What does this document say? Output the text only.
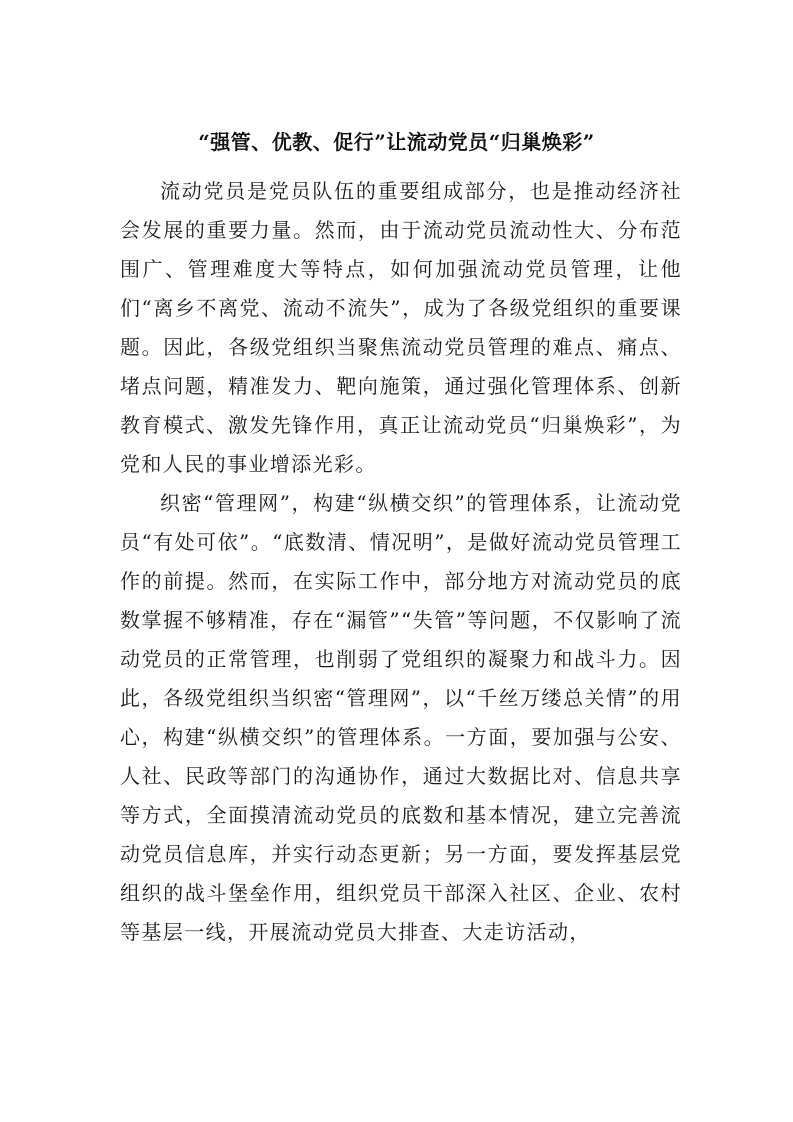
“强管、优教、促行”让流动党员“归巢焕彩”

流动党员是党员队伍的重要组成部分，也是推动经济社会发展的重要力量。然而，由于流动党员流动性大、分布范围广、管理难度大等特点，如何加强流动党员管理，让他们“离乡不离党、流动不流失”，成为了各级党组织的重要课题。因此，各级党组织当聚焦流动党员管理的难点、痛点、堵点问题，精准发力、靶向施策，通过强化管理体系、创新教育模式、激发先锋作用，真正让流动党员“归巢焕彩”，为党和人民的事业增添光彩。

织密“管理网”，构建“纵横交织”的管理体系，让流动党员“有处可依”。“底数清、情况明”，是做好流动党员管理工作的前提。然而，在实际工作中，部分地方对流动党员的底数掌握不够精准，存在“漏管”“失管”等问题，不仅影响了流动党员的正常管理，也削弱了党组织的凝聚力和战斗力。因此，各级党组织当织密“管理网”，以“千丝万缕总关情”的用心，构建“纵横交织”的管理体系。一方面，要加强与公安、人社、民政等部门的沟通协作，通过大数据比对、信息共享等方式，全面摸清流动党员的底数和基本情况，建立完善流动党员信息库，并实行动态更新；另一方面，要发挥基层党组织的战斗堡垒作用，组织党员干部深入社区、企业、农村等基层一线，开展流动党员大排查、大走访活动，
